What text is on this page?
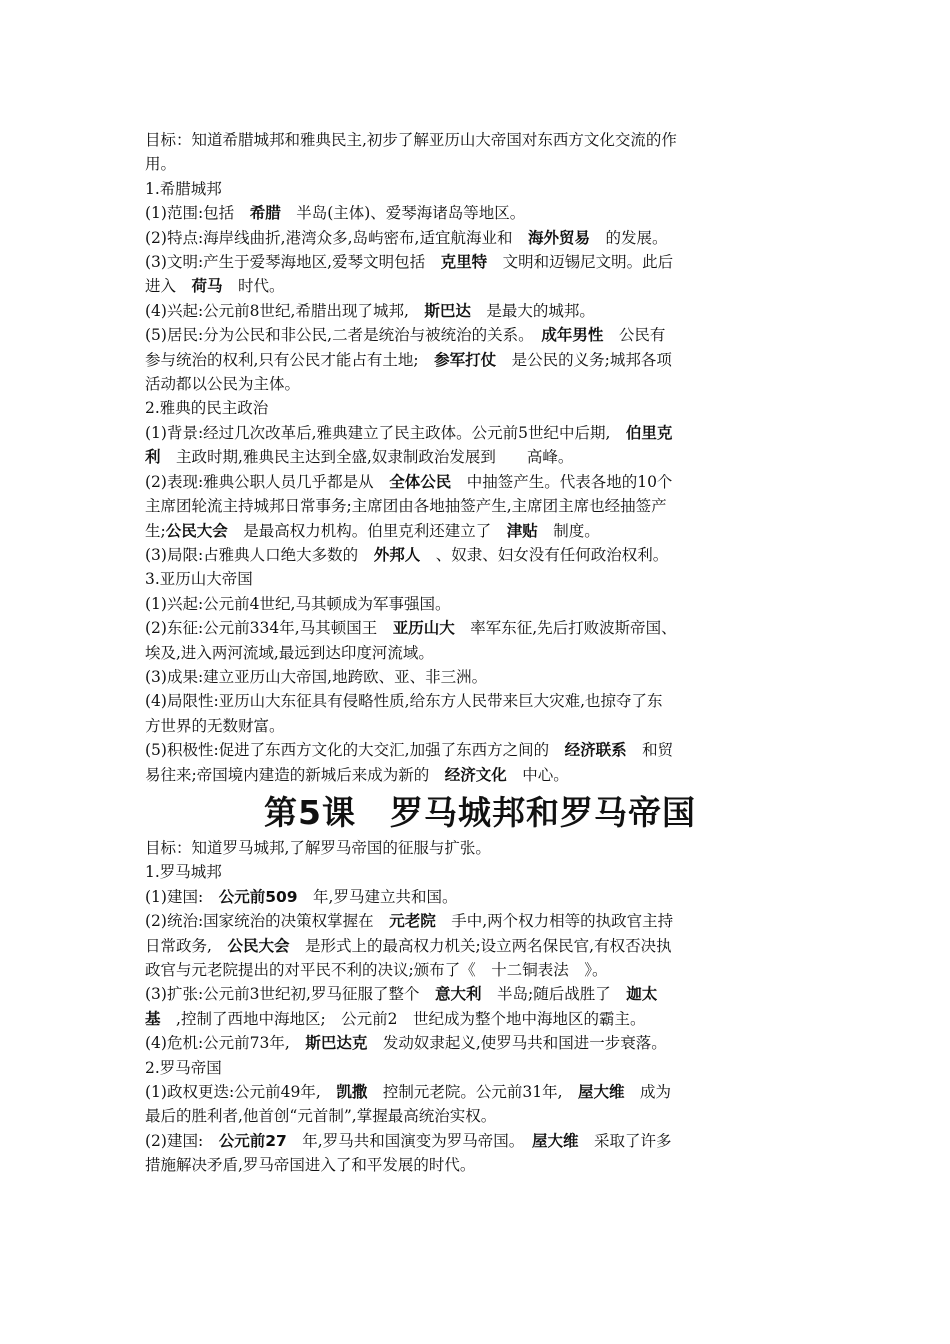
目标：知道希腊城邦和雅典民主,初步了解亚历山大帝国对东西方文化交流的作
用。
1.希腊城邦
(1)范围:包括　希腊　半岛(主体)、爱琴海诸岛等地区。
(2)特点:海岸线曲折,港湾众多,岛屿密布,适宜航海业和　海外贸易　的发展。
(3)文明:产生于爱琴海地区,爱琴文明包括　克里特　文明和迈锡尼文明。此后
进入　荷马　时代。
(4)兴起:公元前8世纪,希腊出现了城邦,　斯巴达　是最大的城邦。
(5)居民:分为公民和非公民,二者是统治与被统治的关系。　成年男性　公民有
参与统治的权利,只有公民才能占有土地;　参军打仗　是公民的义务;城邦各项
活动都以公民为主体。
2.雅典的民主政治
(1)背景:经过几次改革后,雅典建立了民主政体。公元前5世纪中后期,　伯里克
利　主政时期,雅典民主达到全盛,奴隶制政治发展到　　高峰。
(2)表现:雅典公职人员几乎都是从　全体公民　中抽签产生。代表各地的10个
主席团轮流主持城邦日常事务;主席团由各地抽签产生,主席团主席也经抽签产
生;公民大会　是最高权力机构。伯里克利还建立了　津贴　制度。
(3)局限:占雅典人口绝大多数的　外邦人　、奴隶、妇女没有任何政治权利。
3.亚历山大帝国
(1)兴起:公元前4世纪,马其顿成为军事强国。
(2)东征:公元前334年,马其顿国王　亚历山大　率军东征,先后打败波斯帝国、
埃及,进入两河流域,最远到达印度河流域。
(3)成果:建立亚历山大帝国,地跨欧、亚、非三洲。
(4)局限性:亚历山大东征具有侵略性质,给东方人民带来巨大灾难,也掠夺了东
方世界的无数财富。
(5)积极性:促进了东西方文化的大交汇,加强了东西方之间的　经济联系　和贸
易往来;帝国境内建造的新城后来成为新的　经济文化　中心。
第5课　罗马城邦和罗马帝国
目标：知道罗马城邦,了解罗马帝国的征服与扩张。
1.罗马城邦
(1)建国:　公元前509　年,罗马建立共和国。
(2)统治:国家统治的决策权掌握在　元老院　手中,两个权力相等的执政官主持
日常政务,　公民大会　是形式上的最高权力机关;设立两名保民官,有权否决执
政官与元老院提出的对平民不利的决议;颁布了《　十二铜表法　》。
(3)扩张:公元前3世纪初,罗马征服了整个　意大利　半岛;随后战胜了　迦太
基　,控制了西地中海地区;　公元前2　世纪成为整个地中海地区的霸主。
(4)危机:公元前73年,　斯巴达克　发动奴隶起义,使罗马共和国进一步衰落。
2.罗马帝国
(1)政权更迭:公元前49年,　凯撒　控制元老院。公元前31年,　屋大维　成为
最后的胜利者,他首创“元首制”,掌握最高统治实权。
(2)建国:　公元前27　年,罗马共和国演变为罗马帝国。　屋大维　采取了许多
措施解决矛盾,罗马帝国进入了和平发展的时代。
